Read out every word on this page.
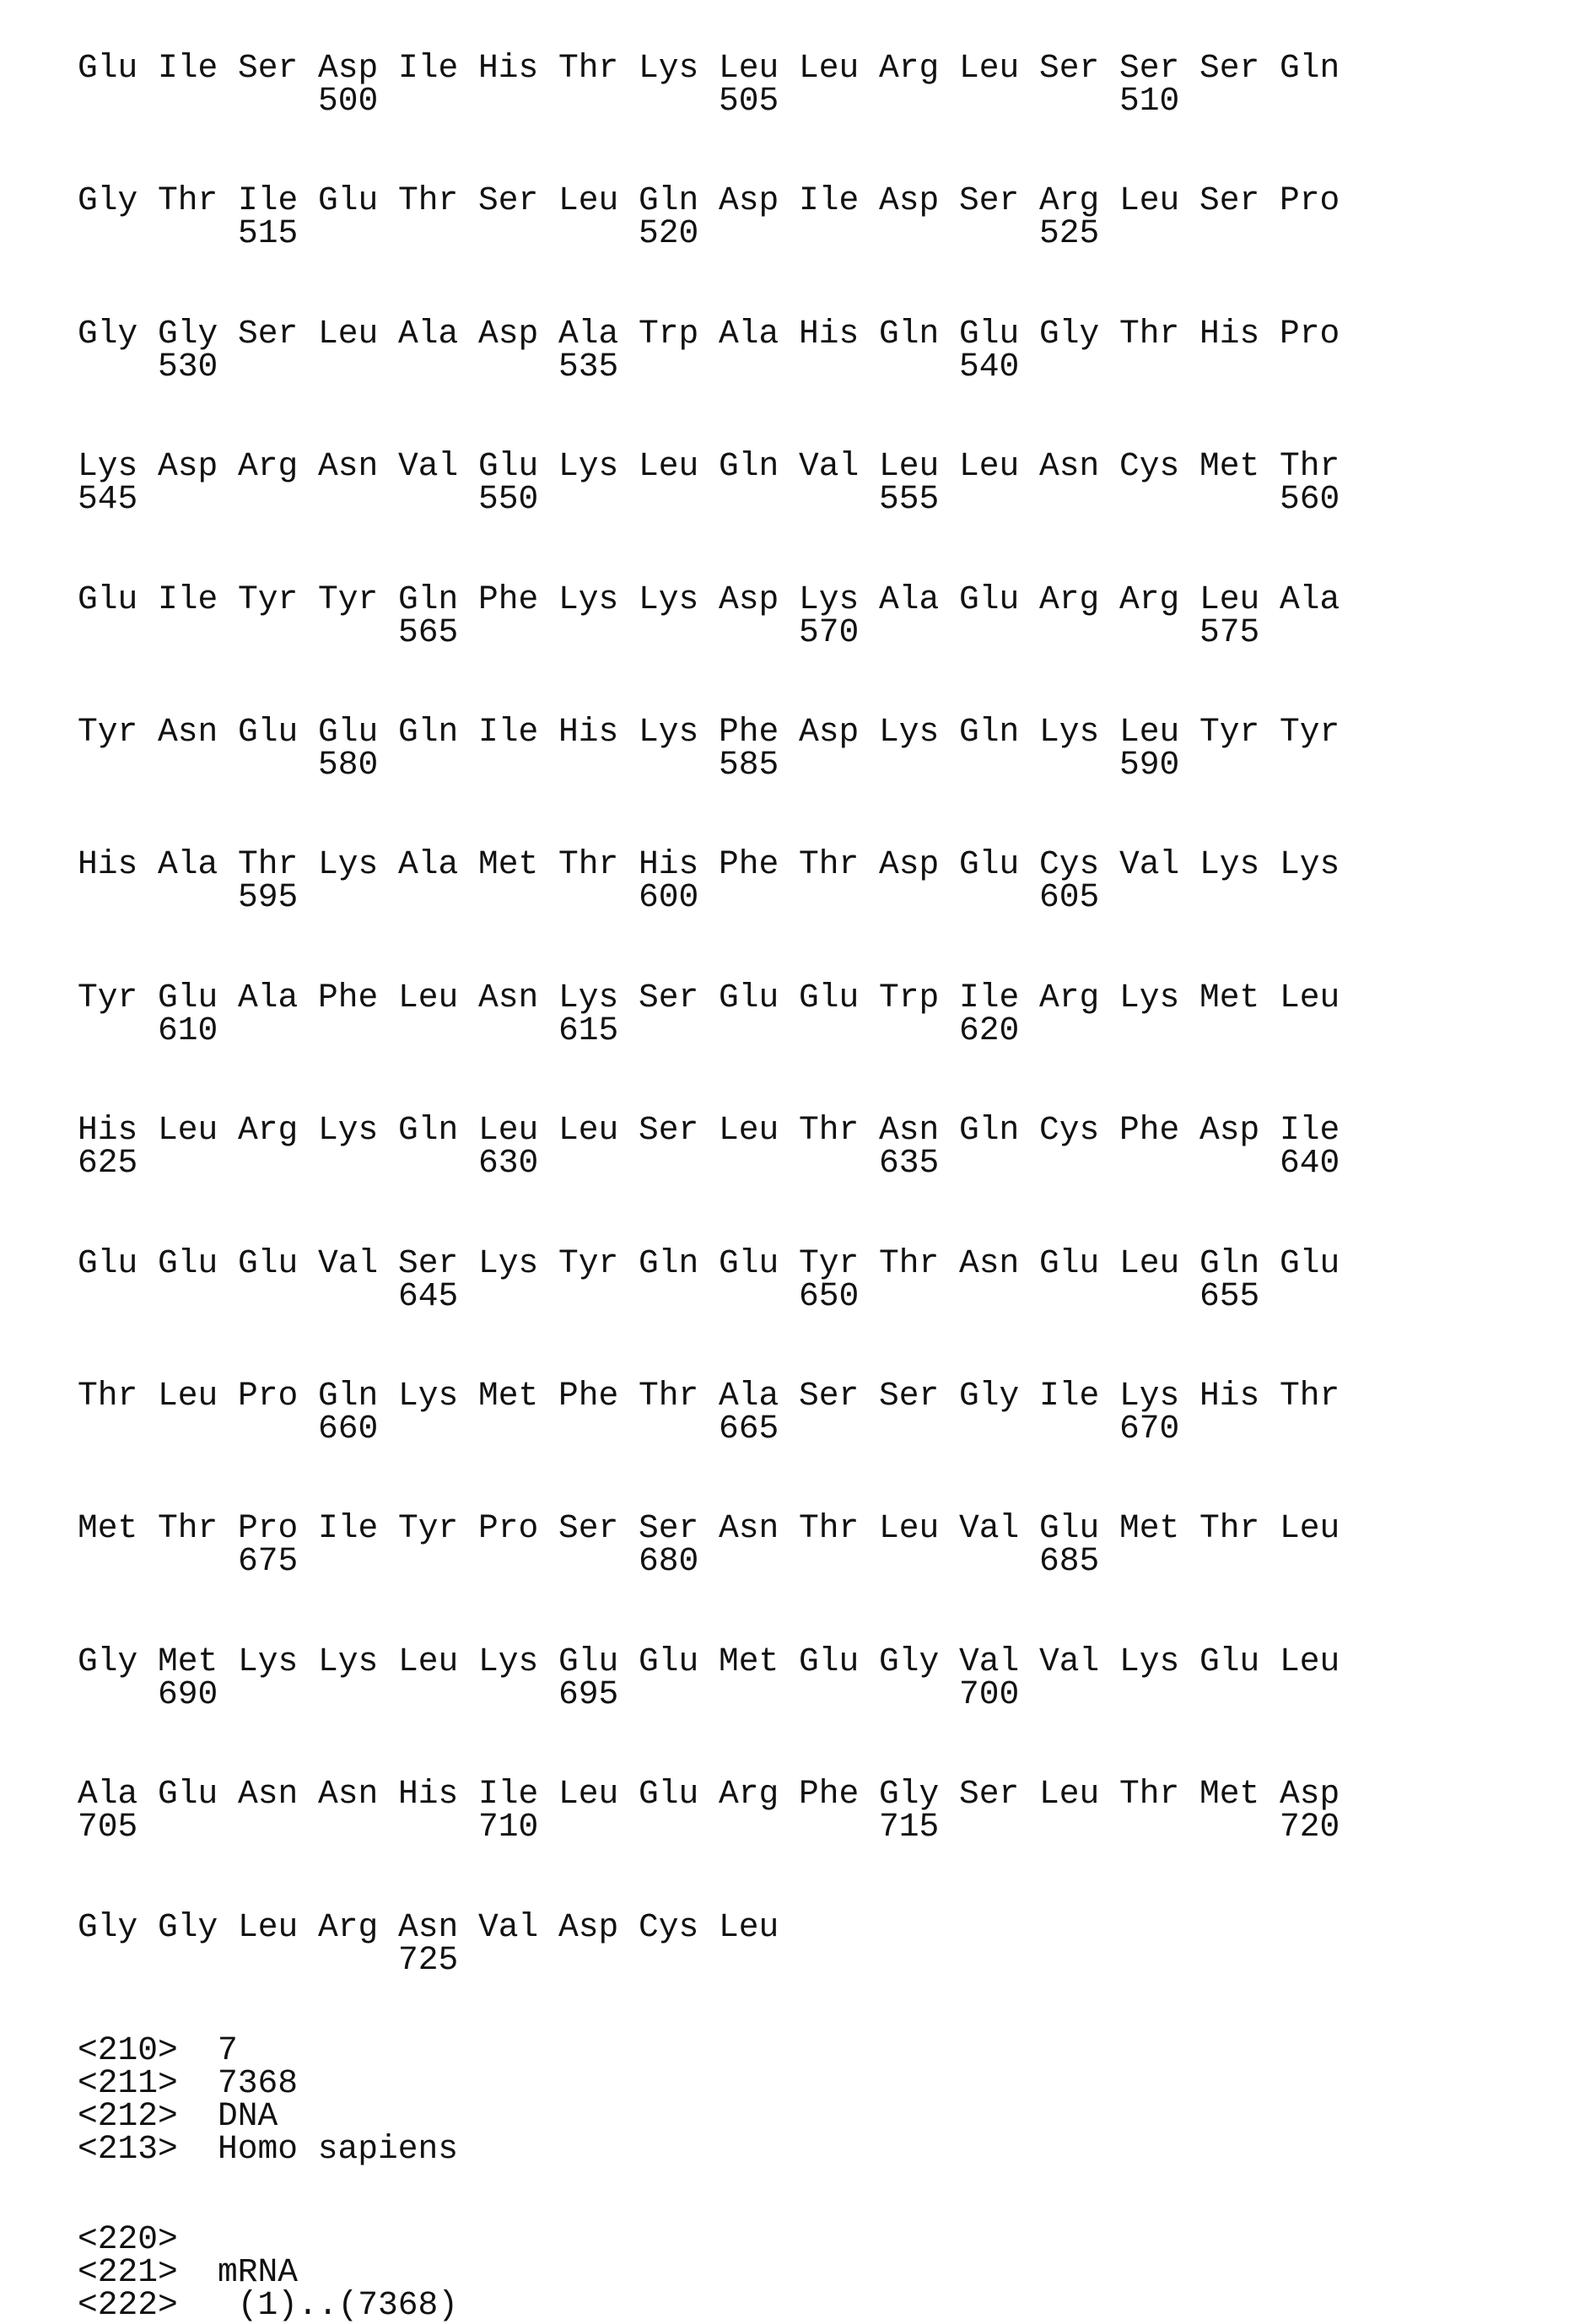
Glu Ile Ser Asp Ile His Thr Lys Leu Leu Arg Leu Ser Ser Ser Gln
500	505	510
Gly Thr Ile Glu Thr Ser Leu Gln Asp Ile Asp Ser Arg Leu Ser Pro
515	520	525
Gly Gly Ser Leu Ala Asp Ala Trp Ala His Gln Glu Gly Thr His Pro
530	535	540
Lys Asp Arg Asn Val Glu Lys Leu Gln Val Leu Leu Asn Cys Met Thr
545	550	555	560
Glu Ile Tyr Tyr Gln Phe Lys Lys Asp Lys Ala Glu Arg Arg Leu Ala
565	570	575
Tyr Asn Glu Glu Gln Ile His Lys Phe Asp Lys Gln Lys Leu Tyr Tyr
580	585	590
His Ala Thr Lys Ala Met Thr His Phe Thr Asp Glu Cys Val Lys Lys
595	600	605
Tyr Glu Ala Phe Leu Asn Lys Ser Glu Glu Trp Ile Arg Lys Met Leu
610	615	620
His Leu Arg Lys Gln Leu Leu Ser Leu Thr Asn Gln Cys Phe Asp Ile
625	630	635	640
Glu Glu Glu Val Ser Lys Tyr Gln Glu Tyr Thr Asn Glu Leu Gln Glu
645	650	655
Thr Leu Pro Gln Lys Met Phe Thr Ala Ser Ser Gly Ile Lys His Thr
660	665	670
Met Thr Pro Ile Tyr Pro Ser Ser Asn Thr Leu Val Glu Met Thr Leu
675	680	685
Gly Met Lys Lys Leu Lys Glu Glu Met Glu Gly Val Val Lys Glu Leu
690	695	700
Ala Glu Asn Asn His Ile Leu Glu Arg Phe Gly Ser Leu Thr Met Asp
705	710	715	720
Gly Gly Leu Arg Asn Val Asp Cys Leu
725
<210> 7
<211> 7368
<212> DNA
<213> Homo sapiens
<220>
<221> mRNA
<222> (1)..(7368)
